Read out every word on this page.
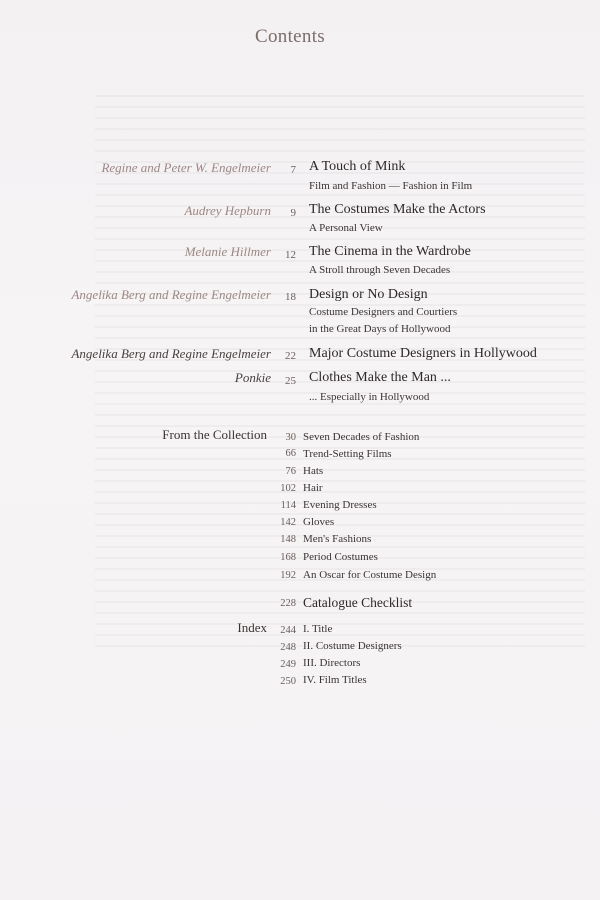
Contents
Regine and Peter W. Engelmeier 7 A Touch of Mink
Film and Fashion — Fashion in Film
Audrey Hepburn 9 The Costumes Make the Actors
A Personal View
Melanie Hillmer 12 The Cinema in the Wardrobe
A Stroll through Seven Decades
Angelika Berg and Regine Engelmeier 18 Design or No Design
Costume Designers and Courtiers
in the Great Days of Hollywood
Angelika Berg and Regine Engelmeier 22 Major Costume Designers in Hollywood
Ponkie 25 Clothes Make the Man ...
... Especially in Hollywood
From the Collection 30 Seven Decades of Fashion
66 Trend-Setting Films
76 Hats
102 Hair
114 Evening Dresses
142 Gloves
148 Men's Fashions
168 Period Costumes
192 An Oscar for Costume Design
228 Catalogue Checklist
Index 244 I. Title
248 II. Costume Designers
249 III. Directors
250 IV. Film Titles
